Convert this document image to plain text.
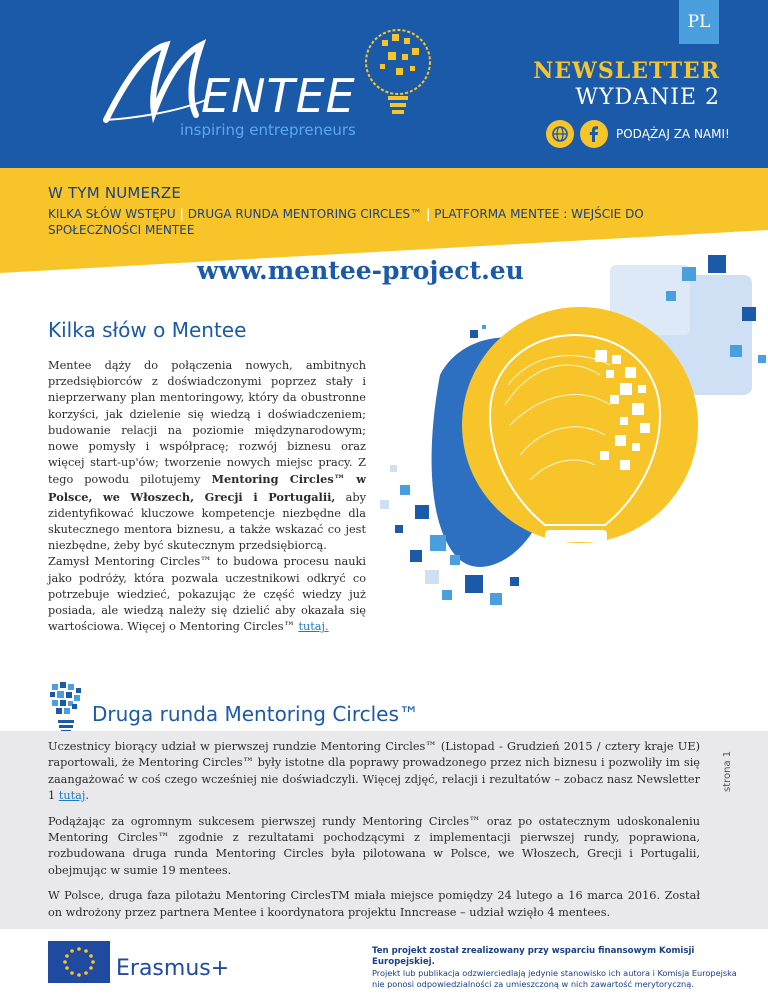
PL
ENTEE
inspiring entrepreneurs
NEWSLETTER
WYDANIE 2
PODĄŻAJ ZA NAMI!
W TYM NUMERZE
KILKA SŁÓW WSTĘPU | DRUGA RUNDA MENTORING CIRCLES™ | PLATFORMA MENTEE : WEJŚCIE DO SPOŁECZNOŚCI MENTEE
www.mentee-project.eu
Kilka słów o Mentee
Mentee dąży do połączenia nowych, ambitnych przedsiębiorców z doświadczonymi poprzez stały i nieprzerwany plan mentoringowy, który da obustronne korzyści, jak dzielenie się wiedzą i doświadczeniem; budowanie relacji na poziomie międzynarodowym; nowe pomysły i współpracę; rozwój biznesu oraz więcej start-up'ów; tworzenie nowych miejsc pracy. Z tego powodu pilotujemy Mentoring Circles™ w Polsce, we Włoszech, Grecji i Portugalii, aby zidentyfikować kluczowe kompetencje niezbędne dla skutecznego mentora biznesu, a także wskazać co jest niezbędne, żeby być skutecznym przedsiębiorcą.
Zamysł Mentoring Circles™ to budowa procesu nauki jako podróży, która pozwala uczestnikowi odkryć co potrzebuje wiedzieć, pokazując że część wiedzy już posiada, ale wiedzą należy się dzielić aby okazała się wartościowa. Więcej o Mentoring Circles™ tutaj.
Druga runda Mentoring Circles™

Uczestnicy biorący udział w pierwszej rundzie Mentoring Circles™ (Listopad - Grudzień 2015 / cztery kraje UE) raportowali, że Mentoring Circles™ były istotne dla poprawy prowadzonego przez nich biznesu i pozwoliły im się zaangażować w coś czego wcześniej nie doświadczyli. Więcej zdjęć, relacji i rezultatów – zobacz nasz Newsletter 1 tutaj.

Podążając za ogromnym sukcesem pierwszej rundy Mentoring Circles™ oraz po ostatecznym udoskonaleniu Mentoring Circles™ zgodnie z rezultatami pochodzącymi z implementacji pierwszej rundy, poprawiona, rozbudowana druga runda Mentoring Circles była pilotowana w Polsce, we Włoszech, Grecji i Portugalii, obejmując w sumie 19 mentees.

W Polsce, druga faza pilotażu Mentoring CirclesTM miała miejsce pomiędzy 24 lutego a 16 marca 2016. Został on wdrożony przez partnera Mentee i koordynatora projektu Inncrease – udział wzięło 4 mentees.

strona 1
Erasmus+
Ten projekt został zrealizowany przy wsparciu finansowym Komisji Europejskiej.
Projekt lub publikacja odzwierciedlają jedynie stanowisko ich autora i Komisja Europejska nie ponosi odpowiedzialności za umieszczoną w nich zawartość merytoryczną.
